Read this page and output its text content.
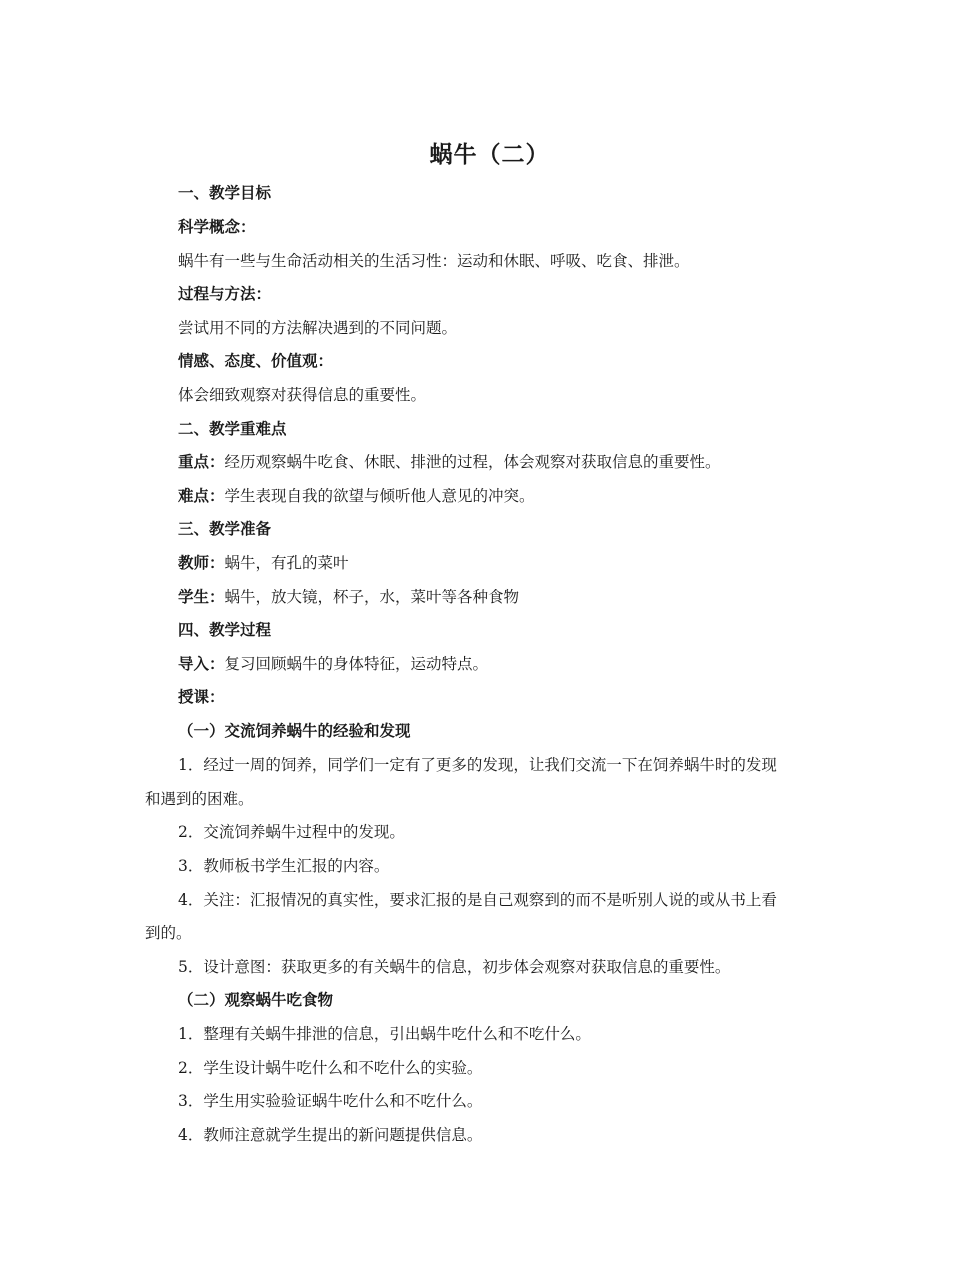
蜗牛（二）
一、教学目标
科学概念：
蜗牛有一些与生命活动相关的生活习性：运动和休眠、呼吸、吃食、排泄。
过程与方法：
尝试用不同的方法解决遇到的不同问题。
情感、态度、价值观：
体会细致观察对获得信息的重要性。
二、教学重难点
重点：经历观察蜗牛吃食、休眠、排泄的过程，体会观察对获取信息的重要性。
难点：学生表现自我的欲望与倾听他人意见的冲突。
三、教学准备
教师：蜗牛，有孔的菜叶
学生：蜗牛，放大镜，杯子，水，菜叶等各种食物
四、教学过程
导入：复习回顾蜗牛的身体特征，运动特点。
授课：
（一）交流饲养蜗牛的经验和发现
1．经过一周的饲养，同学们一定有了更多的发现，让我们交流一下在饲养蜗牛时的发现
和遇到的困难。
2．交流饲养蜗牛过程中的发现。
3．教师板书学生汇报的内容。
4．关注：汇报情况的真实性，要求汇报的是自己观察到的而不是听别人说的或从书上看
到的。
5．设计意图：获取更多的有关蜗牛的信息，初步体会观察对获取信息的重要性。
（二）观察蜗牛吃食物
1．整理有关蜗牛排泄的信息，引出蜗牛吃什么和不吃什么。
2．学生设计蜗牛吃什么和不吃什么的实验。
3．学生用实验验证蜗牛吃什么和不吃什么。
4．教师注意就学生提出的新问题提供信息。
